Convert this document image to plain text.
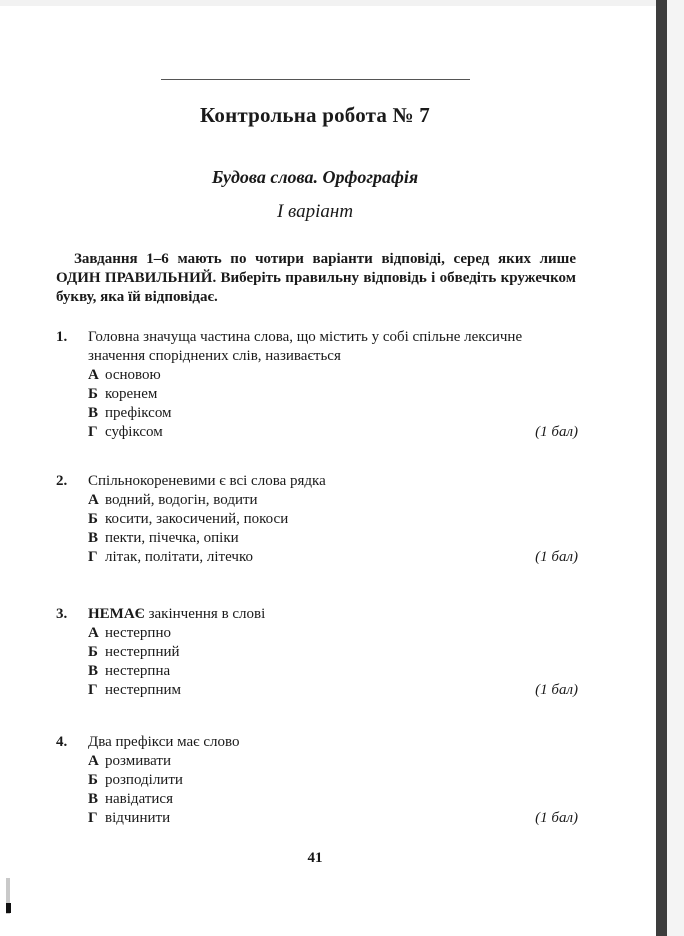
Контрольна робота № 7
Будова слова. Орфографія
І варіант
Завдання 1–6 мають по чотири варіанти відповіді, серед яких лише ОДИН ПРАВИЛЬНИЙ. Виберіть правильну відповідь і обведіть кружечком букву, яка їй відповідає.
1. Головна значуща частина слова, що містить у собі спільне лексичне значення споріднених слів, називається
А основою
Б коренем
В префіксом
Г суфіксом	(1 бал)
2. Спільнокореневими є всі слова рядка
А водний, водогін, водити
Б косити, закосичений, покоси
В пекти, пічечка, опіки
Г літак, політати, літечко	(1 бал)
3. НЕМАЄ закінчення в слові
А нестерпно
Б нестерпний
В нестерпна
Г нестерпним	(1 бал)
4. Два префікси має слово
А розмивати
Б розподілити
В навідатися
Г відчинити	(1 бал)
41
